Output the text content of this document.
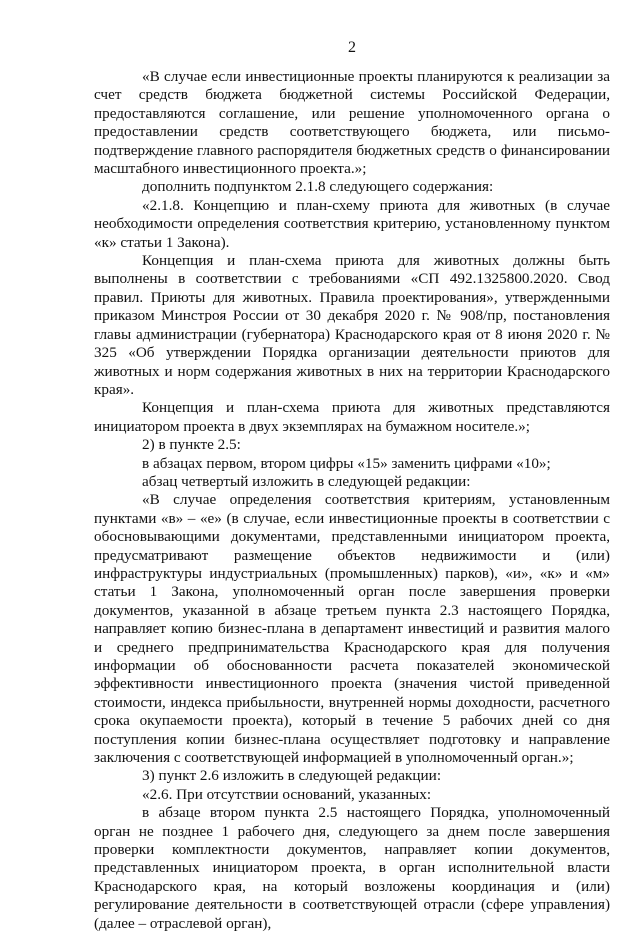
2

«В случае если инвестиционные проекты планируются к реализации за счет средств бюджета бюджетной системы Российской Федерации, предоставляются соглашение, или решение уполномоченного органа о предоставлении средств соответствующего бюджета, или письмо-подтверждение главного распорядителя бюджетных средств о финансировании масштабного инвестиционного проекта.»;

дополнить подпунктом 2.1.8 следующего содержания:

«2.1.8. Концепцию и план-схему приюта для животных (в случае необходимости определения соответствия критерию, установленному пунктом «к» статьи 1 Закона).

Концепция и план-схема приюта для животных должны быть выполнены в соответствии с требованиями «СП 492.1325800.2020. Свод правил. Приюты для животных. Правила проектирования», утвержденными приказом Минстроя России от 30 декабря 2020 г. № 908/пр, постановления главы администрации (губернатора) Краснодарского края от 8 июня 2020 г. № 325 «Об утверждении Порядка организации деятельности приютов для животных и норм содержания животных в них на территории Краснодарского края».

Концепция и план-схема приюта для животных представляются инициатором проекта в двух экземплярах на бумажном носителе.»;

2) в пункте 2.5:

в абзацах первом, втором цифры «15» заменить цифрами «10»;

абзац четвертый изложить в следующей редакции:

«В случае определения соответствия критериям, установленным пунктами «в» – «е» (в случае, если инвестиционные проекты в соответствии с обосновывающими документами, представленными инициатором проекта, предусматривают размещение объектов недвижимости и (или) инфраструктуры индустриальных (промышленных) парков), «и», «к» и «м» статьи 1 Закона, уполномоченный орган после завершения проверки документов, указанной в абзаце третьем пункта 2.3 настоящего Порядка, направляет копию бизнес-плана в департамент инвестиций и развития малого и среднего предпринимательства Краснодарского края для получения информации об обоснованности расчета показателей экономической эффективности инвестиционного проекта (значения чистой приведенной стоимости, индекса прибыльности, внутренней нормы доходности, расчетного срока окупаемости проекта), который в течение 5 рабочих дней со дня поступления копии бизнес-плана осуществляет подготовку и направление заключения с соответствующей информацией в уполномоченный орган.»;

3) пункт 2.6 изложить в следующей редакции:

«2.6. При отсутствии оснований, указанных:

в абзаце втором пункта 2.5 настоящего Порядка, уполномоченный орган не позднее 1 рабочего дня, следующего за днем после завершения проверки комплектности документов, направляет копии документов, представленных инициатором проекта, в орган исполнительной власти Краснодарского края, на который возложены координация и (или) регулирование деятельности в соответствующей отрасли (сфере управления) (далее – отраслевой орган),
